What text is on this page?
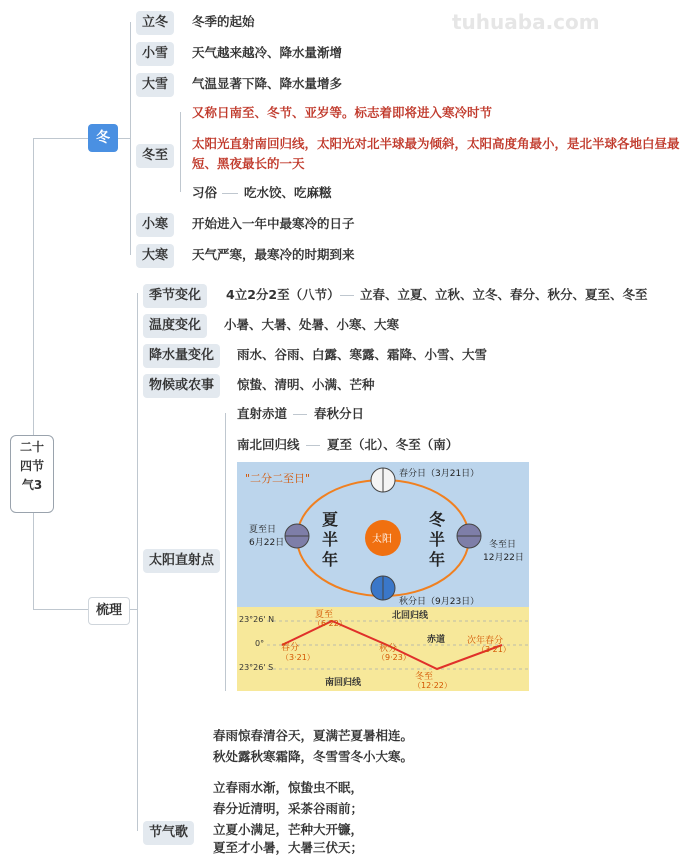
tuhuaba.com
二十
四节
气3
冬
立冬	冬季的起始
小雪	天气越来越冷、降水量渐增
大雪	气温显著下降、降水量增多
冬至
又称日南至、冬节、亚岁等。标志着即将进入寒冷时节
太阳光直射南回归线，太阳光对北半球最为倾斜，太阳高度角最小，是北半球各地白昼最
短、黑夜最长的一天
习俗 吃水饺、吃麻糍
小寒	开始进入一年中最寒冷的日子
大寒	天气严寒，最寒冷的时期到来
梳理
季节变化	4立2分2至（八节） 立春、立夏、立秋、立冬、春分、秋分、夏至、冬至
温度变化	小暑、大暑、处暑、小寒、大寒
降水量变化	雨水、谷雨、白露、寒露、霜降、小雪、大雪
物候或农事	惊蛰、清明、小满、芒种
直射赤道 春秋分日
南北回归线 夏至（北）、冬至（南）
太阳直射点
"二分二至日"
太阳
夏
半
年
冬
半
年
春分日（3月21日）
夏至日
6月22日	冬至日
12月22日
秋分日（9月23日）
23°26' N
0°
23°26' S
北回归线
赤道
南回归线
春分
（3·21）
夏至
（6·22）
秋分
（9·23）
冬至
（12·22）
次年春分
（3·21）
春雨惊春清谷天，夏满芒夏暑相连。
秋处露秋寒霜降，冬雪雪冬小大寒。
立春雨水渐，惊蛰虫不眠，
春分近清明，采茶谷雨前；
立夏小满足，芒种大开镰，
夏至才小暑，大暑三伏天；
节气歌
